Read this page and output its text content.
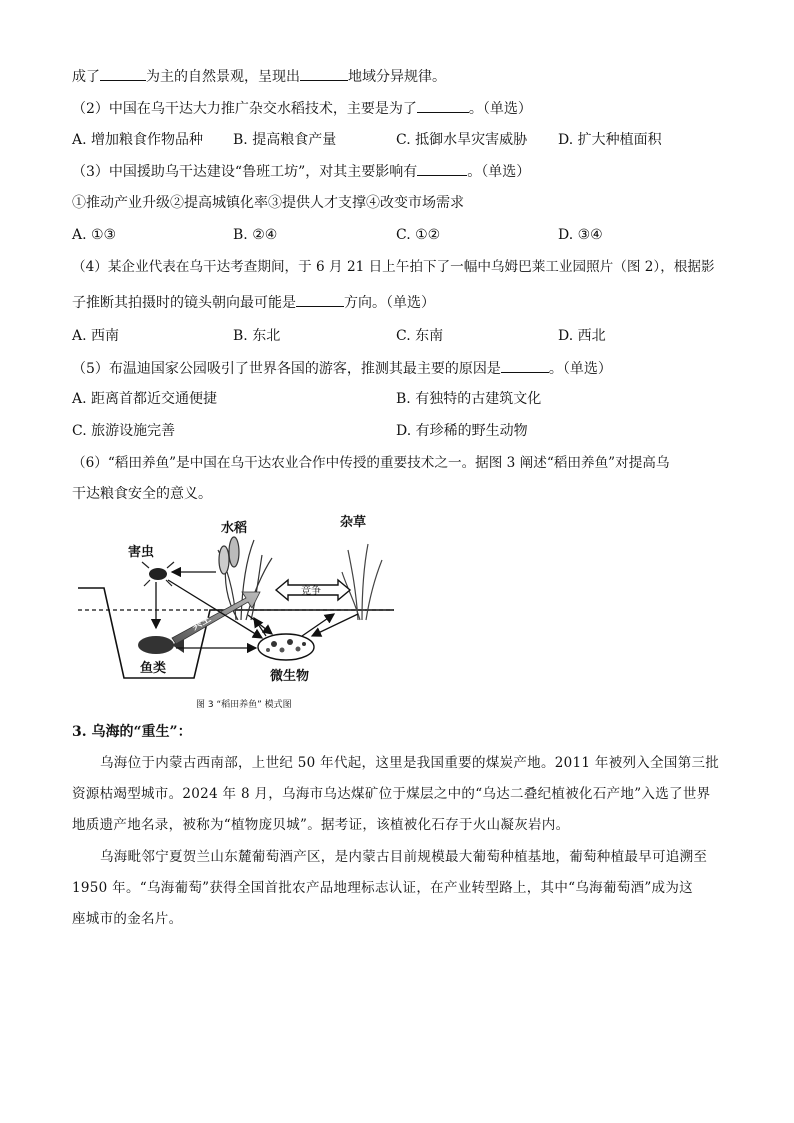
成了	为主的自然景观，呈现出	地域分异规律。
（2）中国在乌干达大力推广杂交水稻技术，主要是为了	。（单选）
A. 增加粮食作物品种 B. 提高粮食产量	C. 抵御水旱灾害威胁 D. 扩大种植面积
（3）中国援助乌干达建设“鲁班工坊”，对其主要影响有	。（单选）
①推动产业升级②提高城镇化率③提供人才支撑④改变市场需求
A. ①③	B. ②④	C. ①②	D. ③④
（4）某企业代表在乌干达考查期间，于 6 月 21 日上午拍下了一幅中乌姆巴莱工业园照片（图 2），根据影
子推断其拍摄时的镜头朝向最可能是	方向。（单选）
A. 西南	B. 东北	C. 东南	D. 西北
（5）布温迪国家公园吸引了世界各国的游客，推测其最主要的原因是	。（单选）
A. 距离首都近交通便捷	B. 有独特的古建筑文化
C. 旅游设施完善	D. 有珍稀的野生动物
（6）“稻田养鱼”是中国在乌干达农业合作中传授的重要技术之一。据图 3 阐述“稻田养鱼”对提高乌
干达粮食安全的意义。
水稻	杂草
害虫
鱼类
微生物
竞争
共生
图 3 “稻田养鱼” 模式图
3. 乌海的“重生”：
乌海位于内蒙古西南部，上世纪 50 年代起，这里是我国重要的煤炭产地。2011 年被列入全国第三批
资源枯竭型城市。2024 年 8 月，乌海市乌达煤矿位于煤层之中的“乌达二叠纪植被化石产地”入选了世界
地质遗产地名录，被称为“植物庞贝城”。据考证，该植被化石存于火山凝灰岩内。
乌海毗邻宁夏贺兰山东麓葡萄酒产区，是内蒙古目前规模最大葡萄种植基地，葡萄种植最早可追溯至
1950 年。“乌海葡萄”获得全国首批农产品地理标志认证，在产业转型路上，其中“乌海葡萄酒”成为这
座城市的金名片。
